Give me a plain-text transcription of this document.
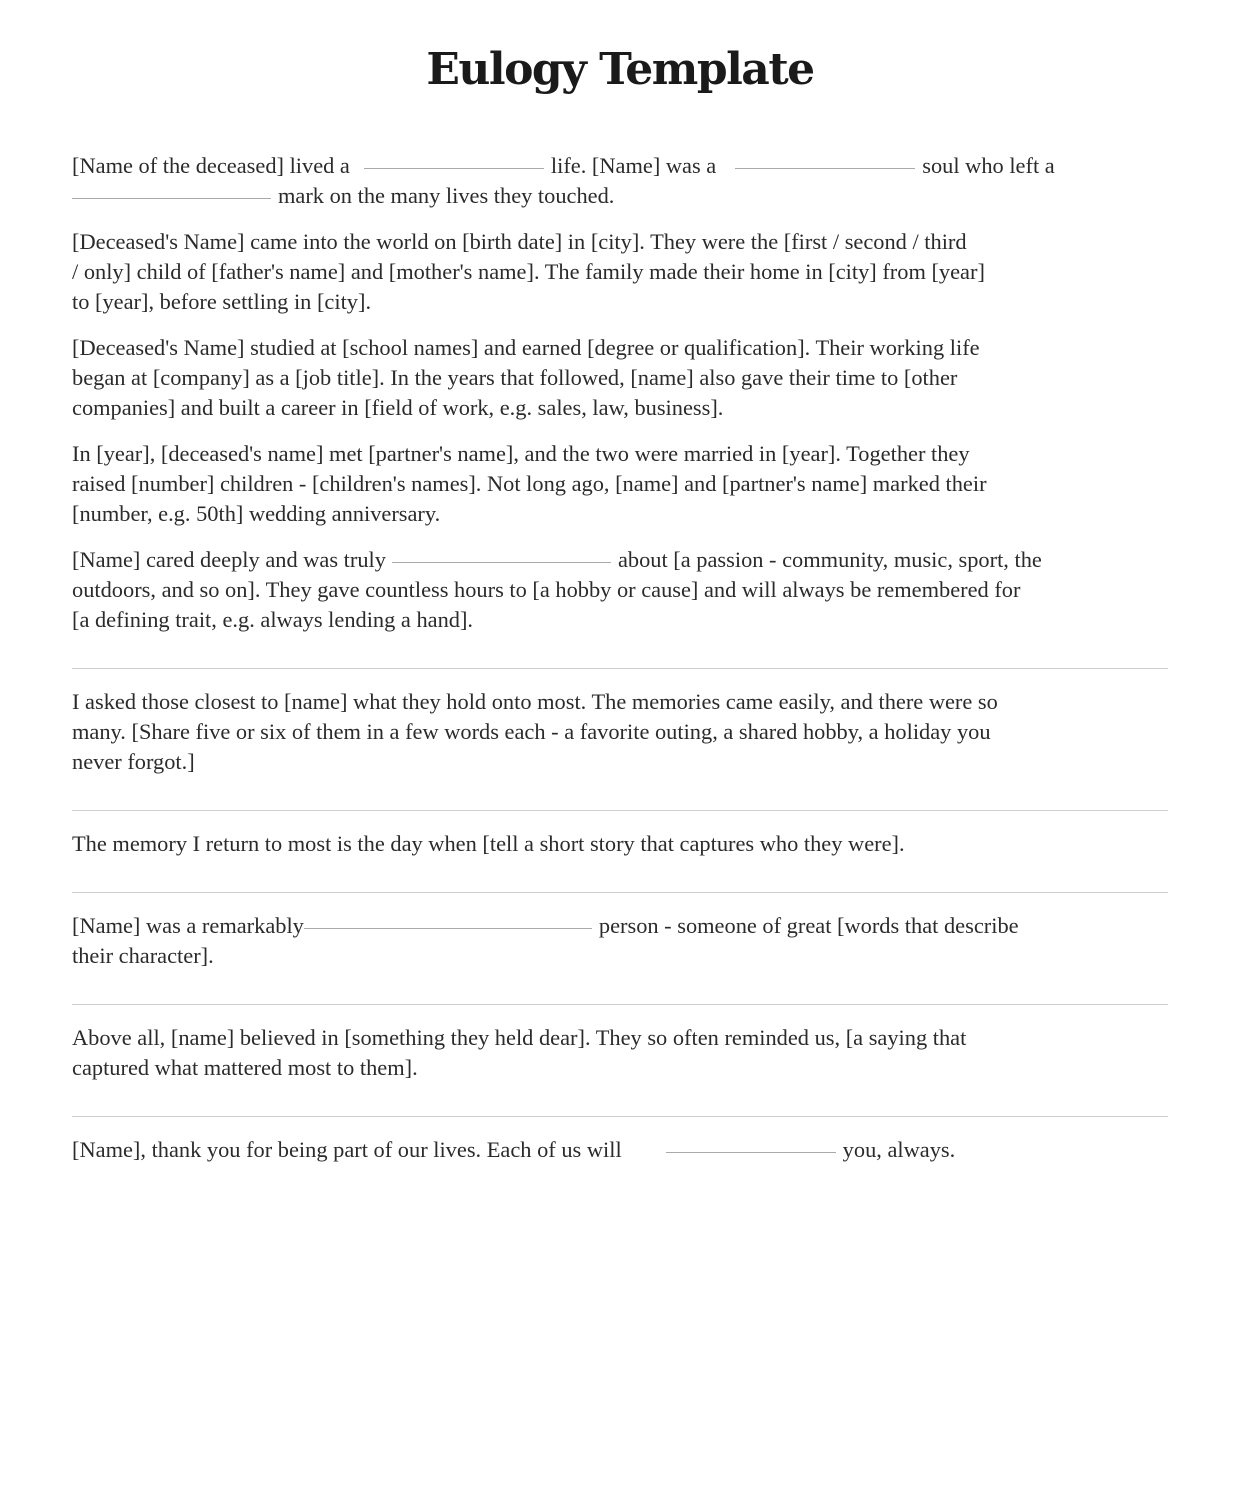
Eulogy Template
[Name of the deceased] lived a	life. [Name] was a	soul who left a
mark on the many lives they touched.
[Deceased's Name] came into the world on [birth date] in [city]. They were the [first / second / third
/ only] child of [father's name] and [mother's name]. The family made their home in [city] from [year]
to [year], before settling in [city].
[Deceased's Name] studied at [school names] and earned [degree or qualification]. Their working life
began at [company] as a [job title]. In the years that followed, [name] also gave their time to [other
companies] and built a career in [field of work, e.g. sales, law, business].
In [year], [deceased's name] met [partner's name], and the two were married in [year]. Together they
raised [number] children - [children's names]. Not long ago, [name] and [partner's name] marked their
[number, e.g. 50th] wedding anniversary.
[Name] cared deeply and was truly	about [a passion - community, music, sport, the
outdoors, and so on]. They gave countless hours to [a hobby or cause] and will always be remembered for
[a defining trait, e.g. always lending a hand].
I asked those closest to [name] what they hold onto most. The memories came easily, and there were so
many. [Share five or six of them in a few words each - a favorite outing, a shared hobby, a holiday you
never forgot.]
The memory I return to most is the day when [tell a short story that captures who they were].
[Name] was a remarkably	person - someone of great [words that describe
their character].
Above all, [name] believed in [something they held dear]. They so often reminded us, [a saying that
captured what mattered most to them].
[Name], thank you for being part of our lives. Each of us will	you, always.
